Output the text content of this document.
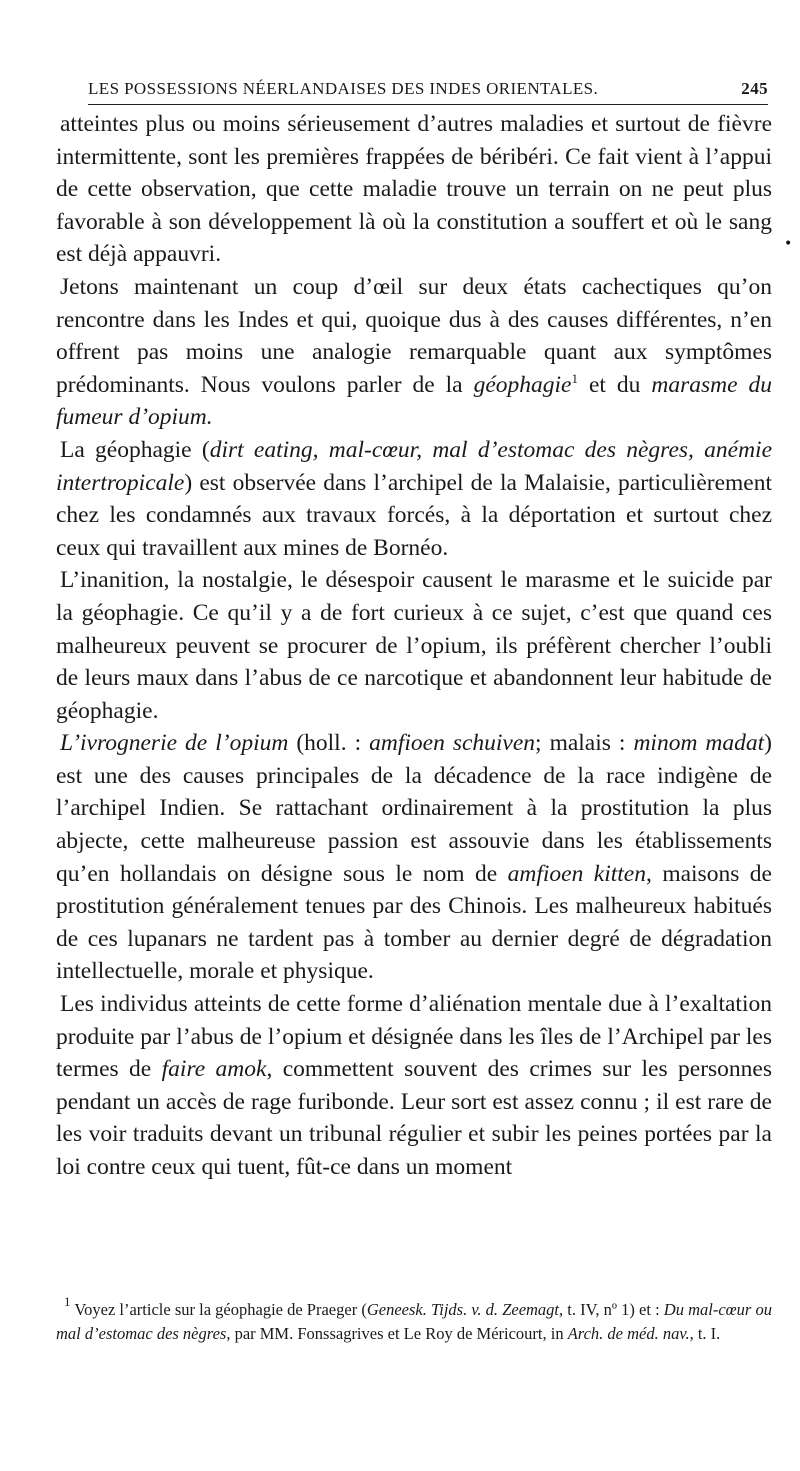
LES POSSESSIONS NÉERLANDAISES DES INDES ORIENTALES.	245
•

atteintes plus ou moins sérieusement d’autres maladies et surtout de fièvre intermittente, sont les premières frappées de béribéri. Ce fait vient à l’appui de cette observation, que cette maladie trouve un terrain on ne peut plus favorable à son développement là où la constitution a souffert et où le sang est déjà appauvri.

Jetons maintenant un coup d’œil sur deux états cachectiques qu’on rencontre dans les Indes et qui, quoique dus à des causes différentes, n’en offrent pas moins une analogie remarquable quant aux symptômes prédominants. Nous voulons parler de la géophagie$^1$ et du marasme du fumeur d’opium.

La géophagie (dirt eating, mal-cœur, mal d’estomac des nègres, anémie intertropicale) est observée dans l’archipel de la Malaisie, particulièrement chez les condamnés aux travaux forcés, à la déportation et surtout chez ceux qui travaillent aux mines de Bornéo.

L’inanition, la nostalgie, le désespoir causent le marasme et le suicide par la géophagie. Ce qu’il y a de fort curieux à ce sujet, c’est que quand ces malheureux peuvent se procurer de l’opium, ils préfèrent chercher l’oubli de leurs maux dans l’abus de ce narcotique et abandonnent leur habitude de géophagie.

L’ivrognerie de l’opium (holl. : amfioen schuiven; malais : minom madat) est une des causes principales de la décadence de la race indigène de l’archipel Indien. Se rattachant ordinairement à la prostitution la plus abjecte, cette malheureuse passion est assouvie dans les établissements qu’en hollandais on désigne sous le nom de amfioen kitten, maisons de prostitution généralement tenues par des Chinois. Les malheureux habitués de ces lupanars ne tardent pas à tomber au dernier degré de dégradation intellectuelle, morale et physique.

Les individus atteints de cette forme d’aliénation mentale due à l’exaltation produite par l’abus de l’opium et désignée dans les îles de l’Archipel par les termes de faire amok, commettent souvent des crimes sur les personnes pendant un accès de rage furibonde. Leur sort est assez connu ; il est rare de les voir traduits devant un tribunal régulier et subir les peines portées par la loi contre ceux qui tuent, fût-ce dans un moment

$^1$ Voyez l’article sur la géophagie de Praeger (Geneesk. Tijds. v. d. Zeemagt, t. IV, nº 1) et : Du mal-cœur ou mal d’estomac des nègres, par MM. Fonssagrives et Le Roy de Méricourt, in Arch. de méd. nav., t. I.
